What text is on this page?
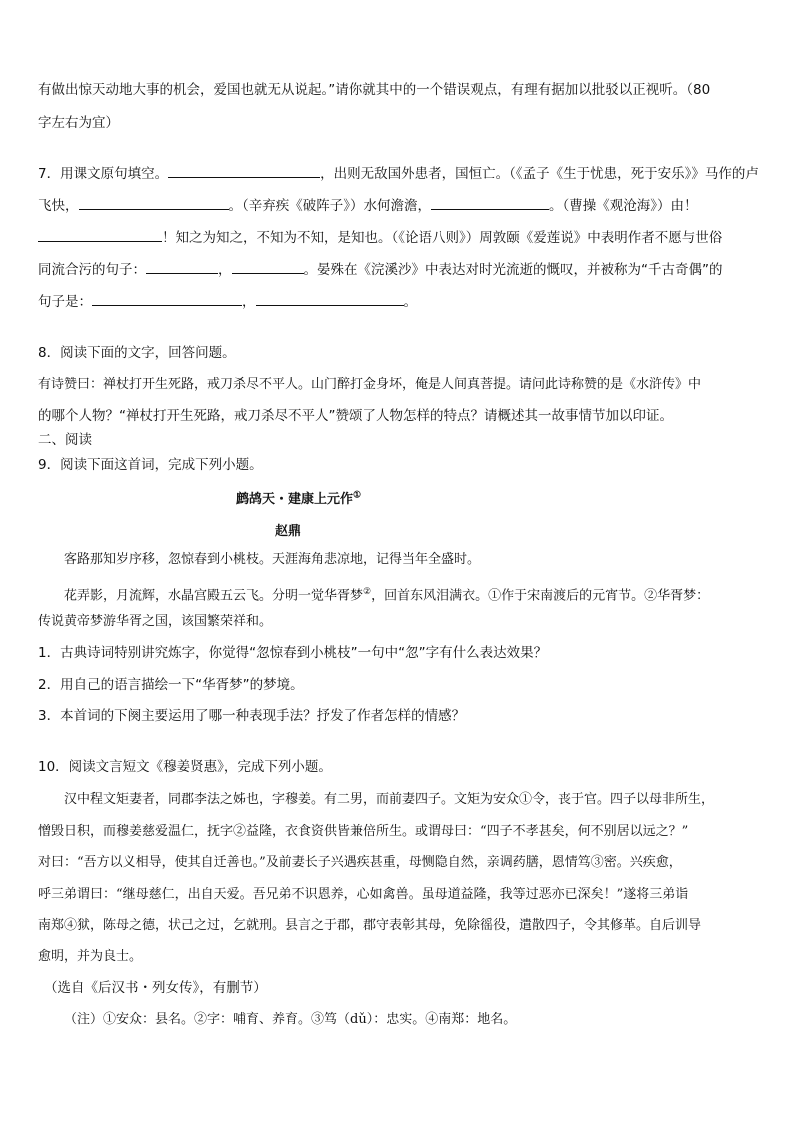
有做出惊天动地大事的机会，爱国也就无从说起。”请你就其中的一个错误观点，有理有据加以批驳以正视听。（80
字左右为宜）
7．用课文原句填空。	，出则无敌国外患者，国恒亡。（《孟子《生于忧患，死于安乐》》马作的卢
飞快，	。（辛弃疾《破阵子》）水何澹澹，	。（曹操《观沧海》）由！
！知之为知之，不知为不知，是知也。（《论语八则》）周敦颐《爱莲说》中表明作者不愿与世俗
同流合污的句子：	，	。晏殊在《浣溪沙》中表达对时光流逝的慨叹，并被称为“千古奇偶”的
句子是：	，	。
8．阅读下面的文字，回答问题。
有诗赞曰：禅杖打开生死路，戒刀杀尽不平人。山门醉打金身坏，俺是人间真菩提。请问此诗称赞的是《水浒传》中
的哪个人物？“禅杖打开生死路，戒刀杀尽不平人”赞颂了人物怎样的特点？请概述其一故事情节加以印证。
二、阅读
9．阅读下面这首词，完成下列小题。
鹧鸪天・建康上元作①
赵鼎
客路那知岁序移，忽惊春到小桃枝。天涯海角悲凉地，记得当年全盛时。
花弄影，月流辉，水晶宫殿五云飞。分明一觉华胥梦②，回首东风泪满衣。①作于宋南渡后的元宵节。②华胥梦：
传说黄帝梦游华胥之国，该国繁荣祥和。
1．古典诗词特别讲究炼字，你觉得“忽惊春到小桃枝”一句中“忽”字有什么表达效果？
2．用自己的语言描绘一下“华胥梦”的梦境。
3．本首词的下阕主要运用了哪一种表现手法？抒发了作者怎样的情感？
10．阅读文言短文《穆姜贤惠》，完成下列小题。
汉中程文矩妻者，同郡李法之姊也，字穆姜。有二男，而前妻四子。文矩为安众①令，丧于官。四子以母非所生，
憎毁日积，而穆姜慈爱温仁，抚字②益隆，衣食资供皆兼倍所生。或谓母曰：“四子不孝甚矣，何不别居以远之？”
对曰：“吾方以义相导，使其自迁善也。”及前妻长子兴遇疾甚重，母恻隐自然，亲调药膳，恩情笃③密。兴疾愈，
呼三弟谓曰：“继母慈仁，出自天爱。吾兄弟不识恩养，心如禽兽。虽母道益隆，我等过恶亦已深矣！”遂将三弟诣
南郑④狱，陈母之德，状己之过，乞就刑。县言之于郡，郡守表彰其母，免除徭役，遣散四子，令其修革。自后训导
愈明，并为良士。
（选自《后汉书・列女传》，有删节）
（注）①安众：县名。②字：哺育、养育。③笃（dǔ）：忠实。④南郑：地名。
